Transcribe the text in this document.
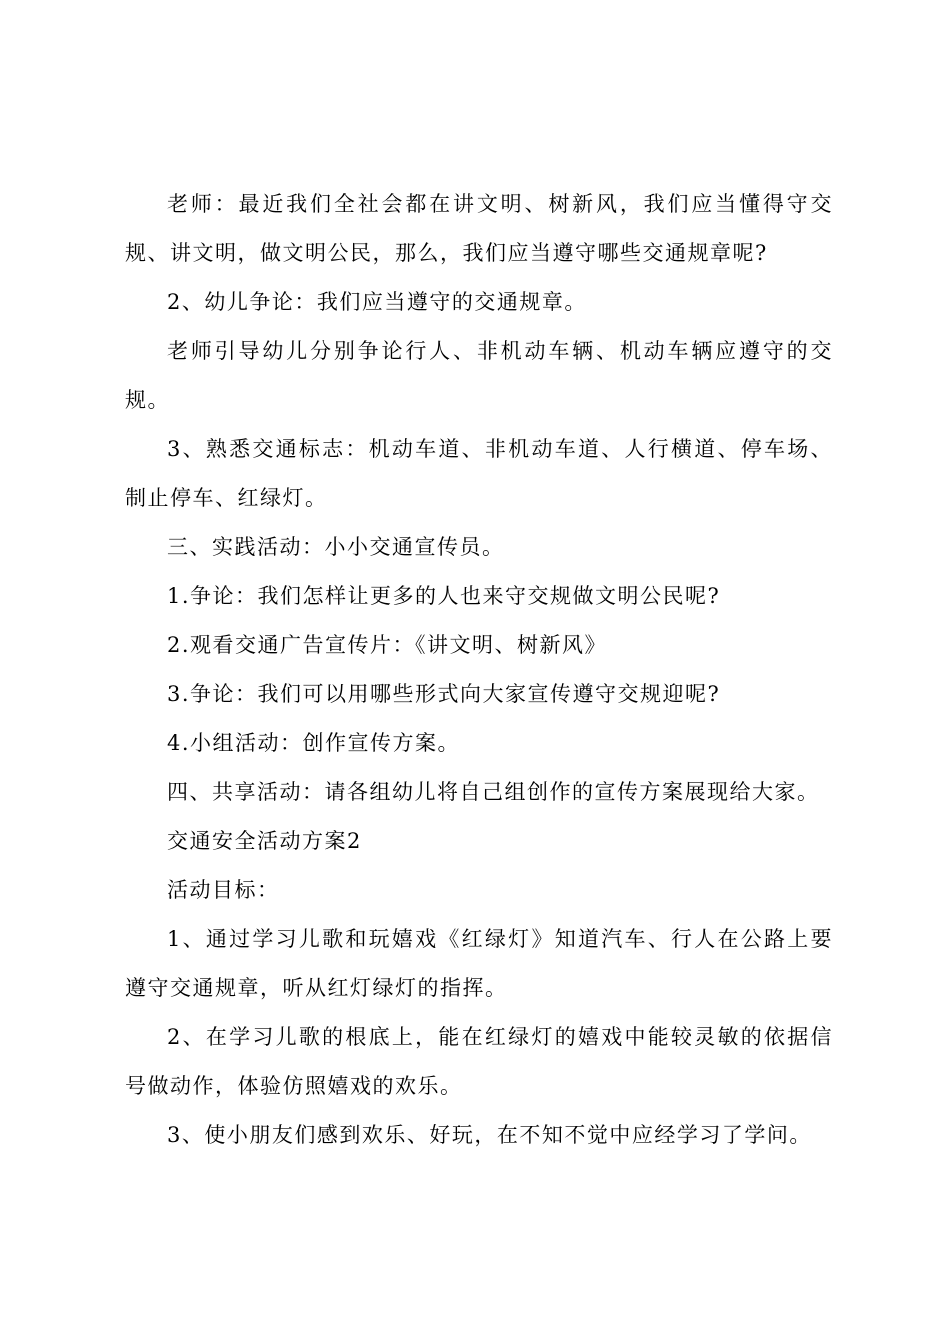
老师：最近我们全社会都在讲文明、树新风，我们应当懂得守交规、讲文明，做文明公民，那么，我们应当遵守哪些交通规章呢?

2、幼儿争论：我们应当遵守的交通规章。

老师引导幼儿分别争论行人、非机动车辆、机动车辆应遵守的交规。

3、熟悉交通标志：机动车道、非机动车道、人行横道、停车场、制止停车、红绿灯。

三、实践活动：小小交通宣传员。

1.争论：我们怎样让更多的人也来守交规做文明公民呢?

2.观看交通广告宣传片：《讲文明、树新风》

3.争论：我们可以用哪些形式向大家宣传遵守交规迎呢?

4.小组活动：创作宣传方案。

四、共享活动：请各组幼儿将自己组创作的宣传方案展现给大家。

交通安全活动方案2

活动目标：

1、通过学习儿歌和玩嬉戏《红绿灯》知道汽车、行人在公路上要遵守交通规章，听从红灯绿灯的指挥。

2、在学习儿歌的根底上，能在红绿灯的嬉戏中能较灵敏的依据信号做动作，体验仿照嬉戏的欢乐。

3、使小朋友们感到欢乐、好玩，在不知不觉中应经学习了学问。
